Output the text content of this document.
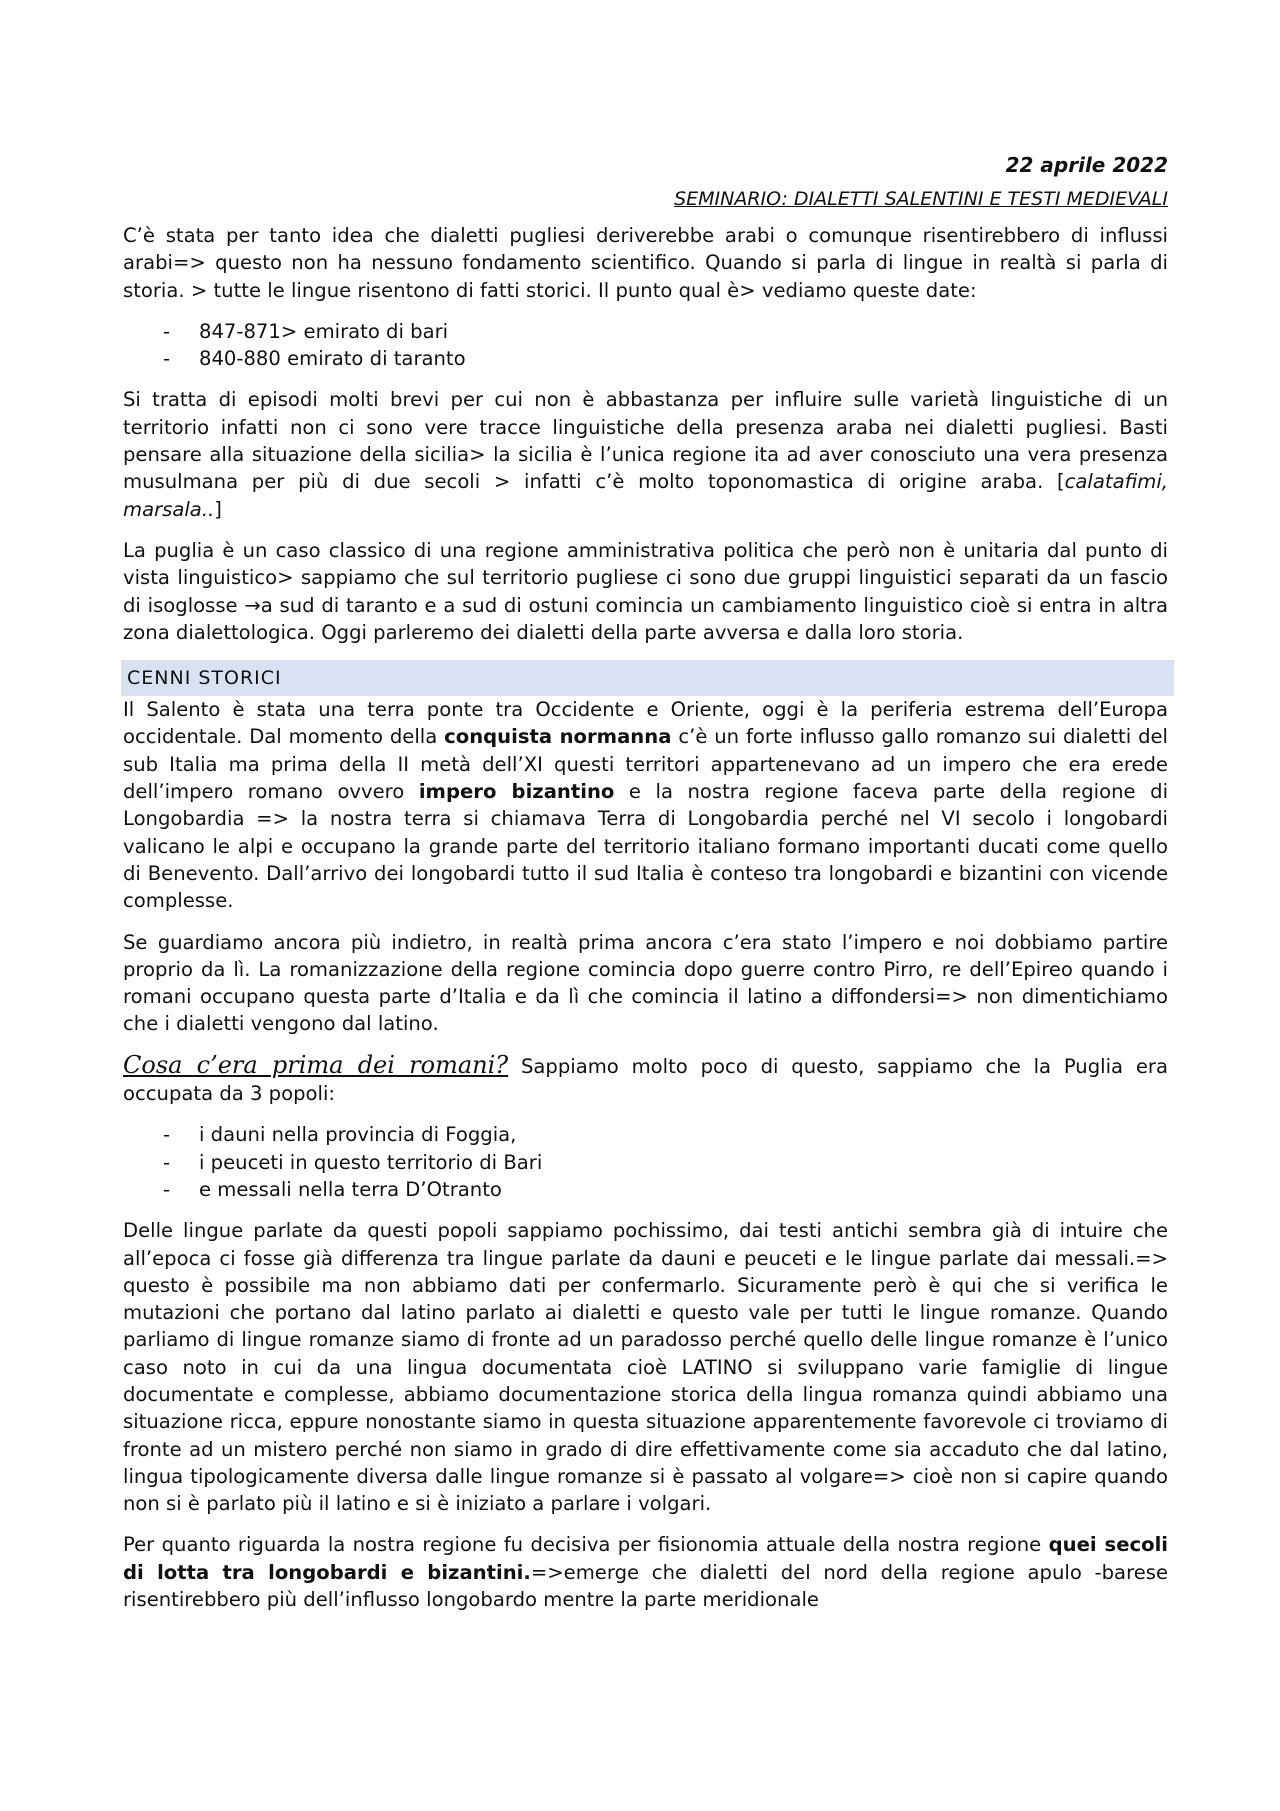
22 aprile 2022
SEMINARIO: DIALETTI SALENTINI E TESTI MEDIEVALI

C’è stata per tanto idea che dialetti pugliesi deriverebbe arabi o comunque risentirebbero di influssi arabi=> questo non ha nessuno fondamento scientifico. Quando si parla di lingue in realtà si parla di storia. > tutte le lingue risentono di fatti storici. Il punto qual è> vediamo queste date:

- 847-871> emirato di bari
- 840-880 emirato di taranto

Si tratta di episodi molti brevi per cui non è abbastanza per influire sulle varietà linguistiche di un territorio infatti non ci sono vere tracce linguistiche della presenza araba nei dialetti pugliesi. Basti pensare alla situazione della sicilia> la sicilia è l’unica regione ita ad aver conosciuto una vera presenza musulmana per più di due secoli > infatti c’è molto toponomastica di origine araba. [calatafimi, marsala..]

La puglia è un caso classico di una regione amministrativa politica che però non è unitaria dal punto di vista linguistico> sappiamo che sul territorio pugliese ci sono due gruppi linguistici separati da un fascio di isoglosse →a sud di taranto e a sud di ostuni comincia un cambiamento linguistico cioè si entra in altra zona dialettologica. Oggi parleremo dei dialetti della parte avversa e dalla loro storia.

CENNI STORICI

Il Salento è stata una terra ponte tra Occidente e Oriente, oggi è la periferia estrema dell’Europa occidentale. Dal momento della conquista normanna c’è un forte influsso gallo romanzo sui dialetti del sub Italia ma prima della II metà dell’XI questi territori appartenevano ad un impero che era erede dell’impero romano ovvero impero bizantino e la nostra regione faceva parte della regione di Longobardia => la nostra terra si chiamava Terra di Longobardia perché nel VI secolo i longobardi valicano le alpi e occupano la grande parte del territorio italiano formano importanti ducati come quello di Benevento. Dall’arrivo dei longobardi tutto il sud Italia è conteso tra longobardi e bizantini con vicende complesse.

Se guardiamo ancora più indietro, in realtà prima ancora c’era stato l’impero e noi dobbiamo partire proprio da lì. La romanizzazione della regione comincia dopo guerre contro Pirro, re dell’Epireo quando i romani occupano questa parte d’Italia e da lì che comincia il latino a diffondersi=> non dimentichiamo che i dialetti vengono dal latino.

Cosa c’era prima dei romani? Sappiamo molto poco di questo, sappiamo che la Puglia era occupata da 3 popoli:

- i dauni nella provincia di Foggia,
- i peuceti in questo territorio di Bari
- e messali nella terra D’Otranto

Delle lingue parlate da questi popoli sappiamo pochissimo, dai testi antichi sembra già di intuire che all’epoca ci fosse già differenza tra lingue parlate da dauni e peuceti e le lingue parlate dai messali.=> questo è possibile ma non abbiamo dati per confermarlo. Sicuramente però è qui che si verifica le mutazioni che portano dal latino parlato ai dialetti e questo vale per tutti le lingue romanze. Quando parliamo di lingue romanze siamo di fronte ad un paradosso perché quello delle lingue romanze è l’unico caso noto in cui da una lingua documentata cioè LATINO si sviluppano varie famiglie di lingue documentate e complesse, abbiamo documentazione storica della lingua romanza quindi abbiamo una situazione ricca, eppure nonostante siamo in questa situazione apparentemente favorevole ci troviamo di fronte ad un mistero perché non siamo in grado di dire effettivamente come sia accaduto che dal latino, lingua tipologicamente diversa dalle lingue romanze si è passato al volgare=> cioè non si capire quando non si è parlato più il latino e si è iniziato a parlare i volgari.

Per quanto riguarda la nostra regione fu decisiva per fisionomia attuale della nostra regione quei secoli di lotta tra longobardi e bizantini.=>emerge che dialetti del nord della regione apulo -barese risentirebbero più dell’influsso longobardo mentre la parte meridionale
